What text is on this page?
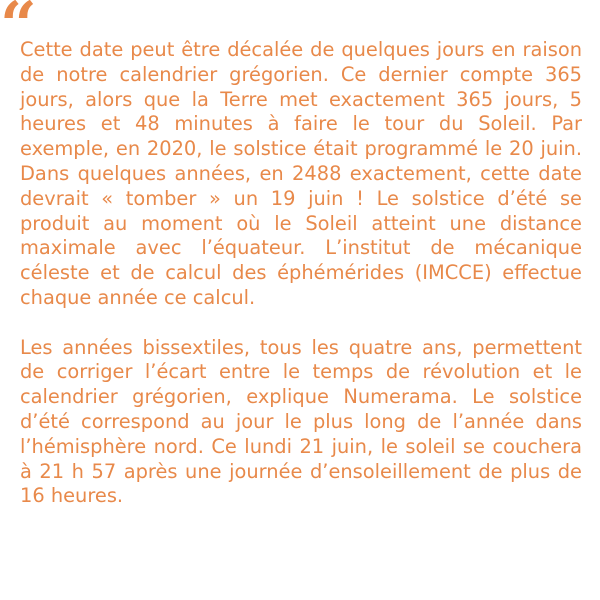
“

Cette date peut être décalée de quelques jours en raison de notre calendrier grégorien. Ce dernier compte 365 jours, alors que la Terre met exactement 365 jours, 5 heures et 48 minutes à faire le tour du Soleil. Par exemple, en 2020, le solstice était programmé le 20 juin. Dans quelques années, en 2488 exactement, cette date devrait « tomber » un 19 juin ! Le solstice d’été se produit au moment où le Soleil atteint une distance maximale avec l’équateur. L’institut de mécanique céleste et de calcul des éphémérides (IMCCE) effectue chaque année ce calcul.

Les années bissextiles, tous les quatre ans, permettent de corriger l’écart entre le temps de révolution et le calendrier grégorien, explique Numerama. Le solstice d’été correspond au jour le plus long de l’année dans l’hémisphère nord. Ce lundi 21 juin, le soleil se couchera à 21 h 57 après une journée d’ensoleillement de plus de 16 heures.
